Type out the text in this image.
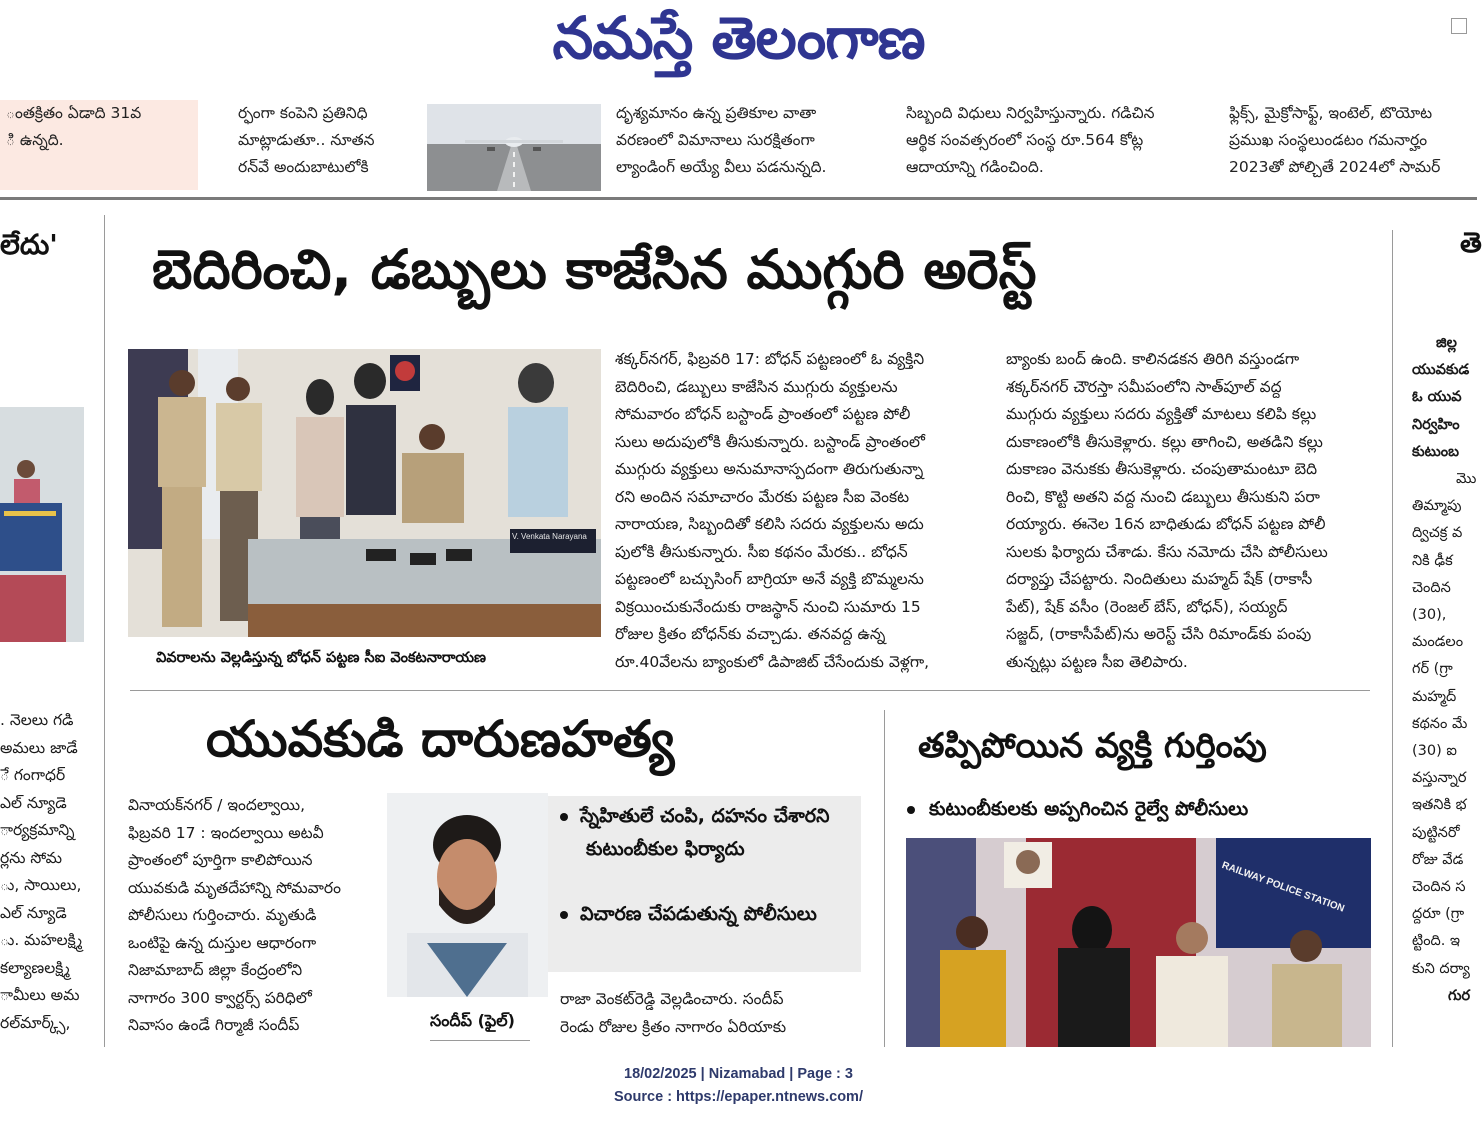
నమస్తే తెలంగాణ
ంతక్రితం ఏడాది 31వ
ి ఉన్నది.
ర్ఫంగా కంపెని ప్రతినిధి
మాట్లాడుతూ.. నూతన
రన్‌వే అందుబాటులోకి
దృశ్యమానం ఉన్న ప్రతికూల వాతా
వరణంలో విమానాలు సురక్షితంగా
ల్యాండింగ్ అయ్యే వీలు పడనున్నది.
సిబ్బంది విధులు నిర్వహిస్తున్నారు. గడిచిన
ఆర్థిక సంవత్సరంలో సంస్థ రూ.564 కోట్ల
ఆదాయాన్ని గడించింది.
ఫ్లిక్స్, మైక్రోసాఫ్ట్, ఇంటెల్, టొయోట
ప్రముఖ సంస్థలుండటం గమనార్హం
2023తో పోల్చితే 2024లో సామర్
లేదు'
. నెలలు గడి
అమలు జాడే
ే గంగాధర్
ఎల్ న్యూడె
ార్యక్రమాన్ని
ర్లను సోమ
ు, సాయిలు,
ఎల్ న్యూడె
ు. మహలక్ష్మి
కల్యాణలక్ష్మి
ామీలు అమ
రల్‌మార్క్స్,
బెదిరించి, డబ్బులు కాజేసిన ముగ్గురి అరెస్ట్
V. Venkata Narayana
వివరాలను వెల్లడిస్తున్న బోధన్ పట్టణ సీఐ వెంకటనారాయణ
శక్కర్‌నగర్, ఫిబ్రవరి 17: బోధన్ పట్టణంలో ఓ వ్యక్తిని
బెదిరించి, డబ్బులు కాజేసిన ముగ్గురు వ్యక్తులను
సోమవారం బోధన్ బస్టాండ్ ప్రాంతంలో పట్టణ పోలీ
సులు అదుపులోకి తీసుకున్నారు. బస్టాండ్ ప్రాంతంలో
ముగ్గురు వ్యక్తులు అనుమానాస్పదంగా తిరుగుతున్నా
రని అందిన సమాచారం మేరకు పట్టణ సీఐ వెంకట
నారాయణ, సిబ్బందితో కలిసి సదరు వ్యక్తులను అదు
పులోకి తీసుకున్నారు. సీఐ కథనం మేరకు.. బోధన్
పట్టణంలో బచ్చుసింగ్ బాగ్రియా అనే వ్యక్తి బొమ్మలను
విక్రయించుకునేందుకు రాజస్థాన్ నుంచి సుమారు 15
రోజుల క్రితం బోధన్‌కు వచ్చాడు. తనవద్ద ఉన్న
రూ.40వేలను బ్యాంకులో డిపాజిట్ చేసేందుకు వెళ్లగా,
బ్యాంకు బంద్ ఉంది. కాలినడకన తిరిగి వస్తుండగా
శక్కర్‌నగర్ చౌరస్తా సమీపంలోని సాత్‌పూల్ వద్ద
ముగ్గురు వ్యక్తులు సదరు వ్యక్తితో మాటలు కలిపి కల్లు
దుకాణంలోకి తీసుకెళ్లారు. కల్లు తాగించి, అతడిని కల్లు
దుకాణం వెనుకకు తీసుకెళ్లారు. చంపుతామంటూ బెది
రించి, కొట్టి అతని వద్ద నుంచి డబ్బులు తీసుకుని పరా
రయ్యారు. ఈనెల 16న బాధితుడు బోధన్ పట్టణ పోలీ
సులకు ఫిర్యాదు చేశాడు. కేసు నమోదు చేసి పోలీసులు
దర్యాప్తు చేపట్టారు. నిందితులు మహ్మద్ షేక్ (రాకాసీ
పేట్), షేక్ వసీం (రెంజల్ బేస్, బోధన్), సయ్యద్
సజ్జద్, (రాకాసీపేట్)ను అరెస్ట్ చేసి రిమాండ్‌కు పంపు
తున్నట్లు పట్టణ సీఐ తెలిపారు.
యువకుడి దారుణహత్య
వినాయక్‌నగర్ / ఇందల్వాయి,
ఫిబ్రవరి 17 : ఇందల్వాయి అటవీ
ప్రాంతంలో పూర్తిగా కాలిపోయిన
యువకుడి మృతదేహాన్ని సోమవారం
పోలీసులు గుర్తించారు. మృతుడి
ఒంటిపై ఉన్న దుస్తుల ఆధారంగా
నిజామాబాద్ జిల్లా కేంద్రంలోని
నాగారం 300 క్వార్టర్స్ పరిధిలో
నివాసం ఉండే గిర్మాజీ సందీప్	సందీప్ (ఫైల్)
స్నేహితులే చంపి, దహనం చేశారని కుటుంబీకుల ఫిర్యాదు
విచారణ చేపడుతున్న పోలీసులు
రాజా వెంకట్‌రెడ్డి వెల్లడించారు. సందీప్
రెండు రోజుల క్రితం నాగారం ఏరియాకు
తప్పిపోయిన వ్యక్తి గుర్తింపు
కుటుంబీకులకు అప్పగించిన రైల్వే పోలీసులు
RAILWAY POLICE STATION
తె
జిల్ల
యువకుడ
ఓ యువ
నిర్వహిం
కుటుంబ
మొ
తిమ్మాపు
ద్విచక్ర వ
నికి ఢీక
చెందిన
(30),
మండలం
గర్ (గ్రా
మహ్మద్
కథనం మే
(30) ఐ
వస్తున్నార
ఇతనికి భ
పుట్టినరో
రోజు వేడ
చెందిన స
ద్దరూ (గ్రా
ట్టింది. ఇ
కుని దర్యా
గుర
18/02/2025 | Nizamabad | Page : 3
Source : https://epaper.ntnews.com/
